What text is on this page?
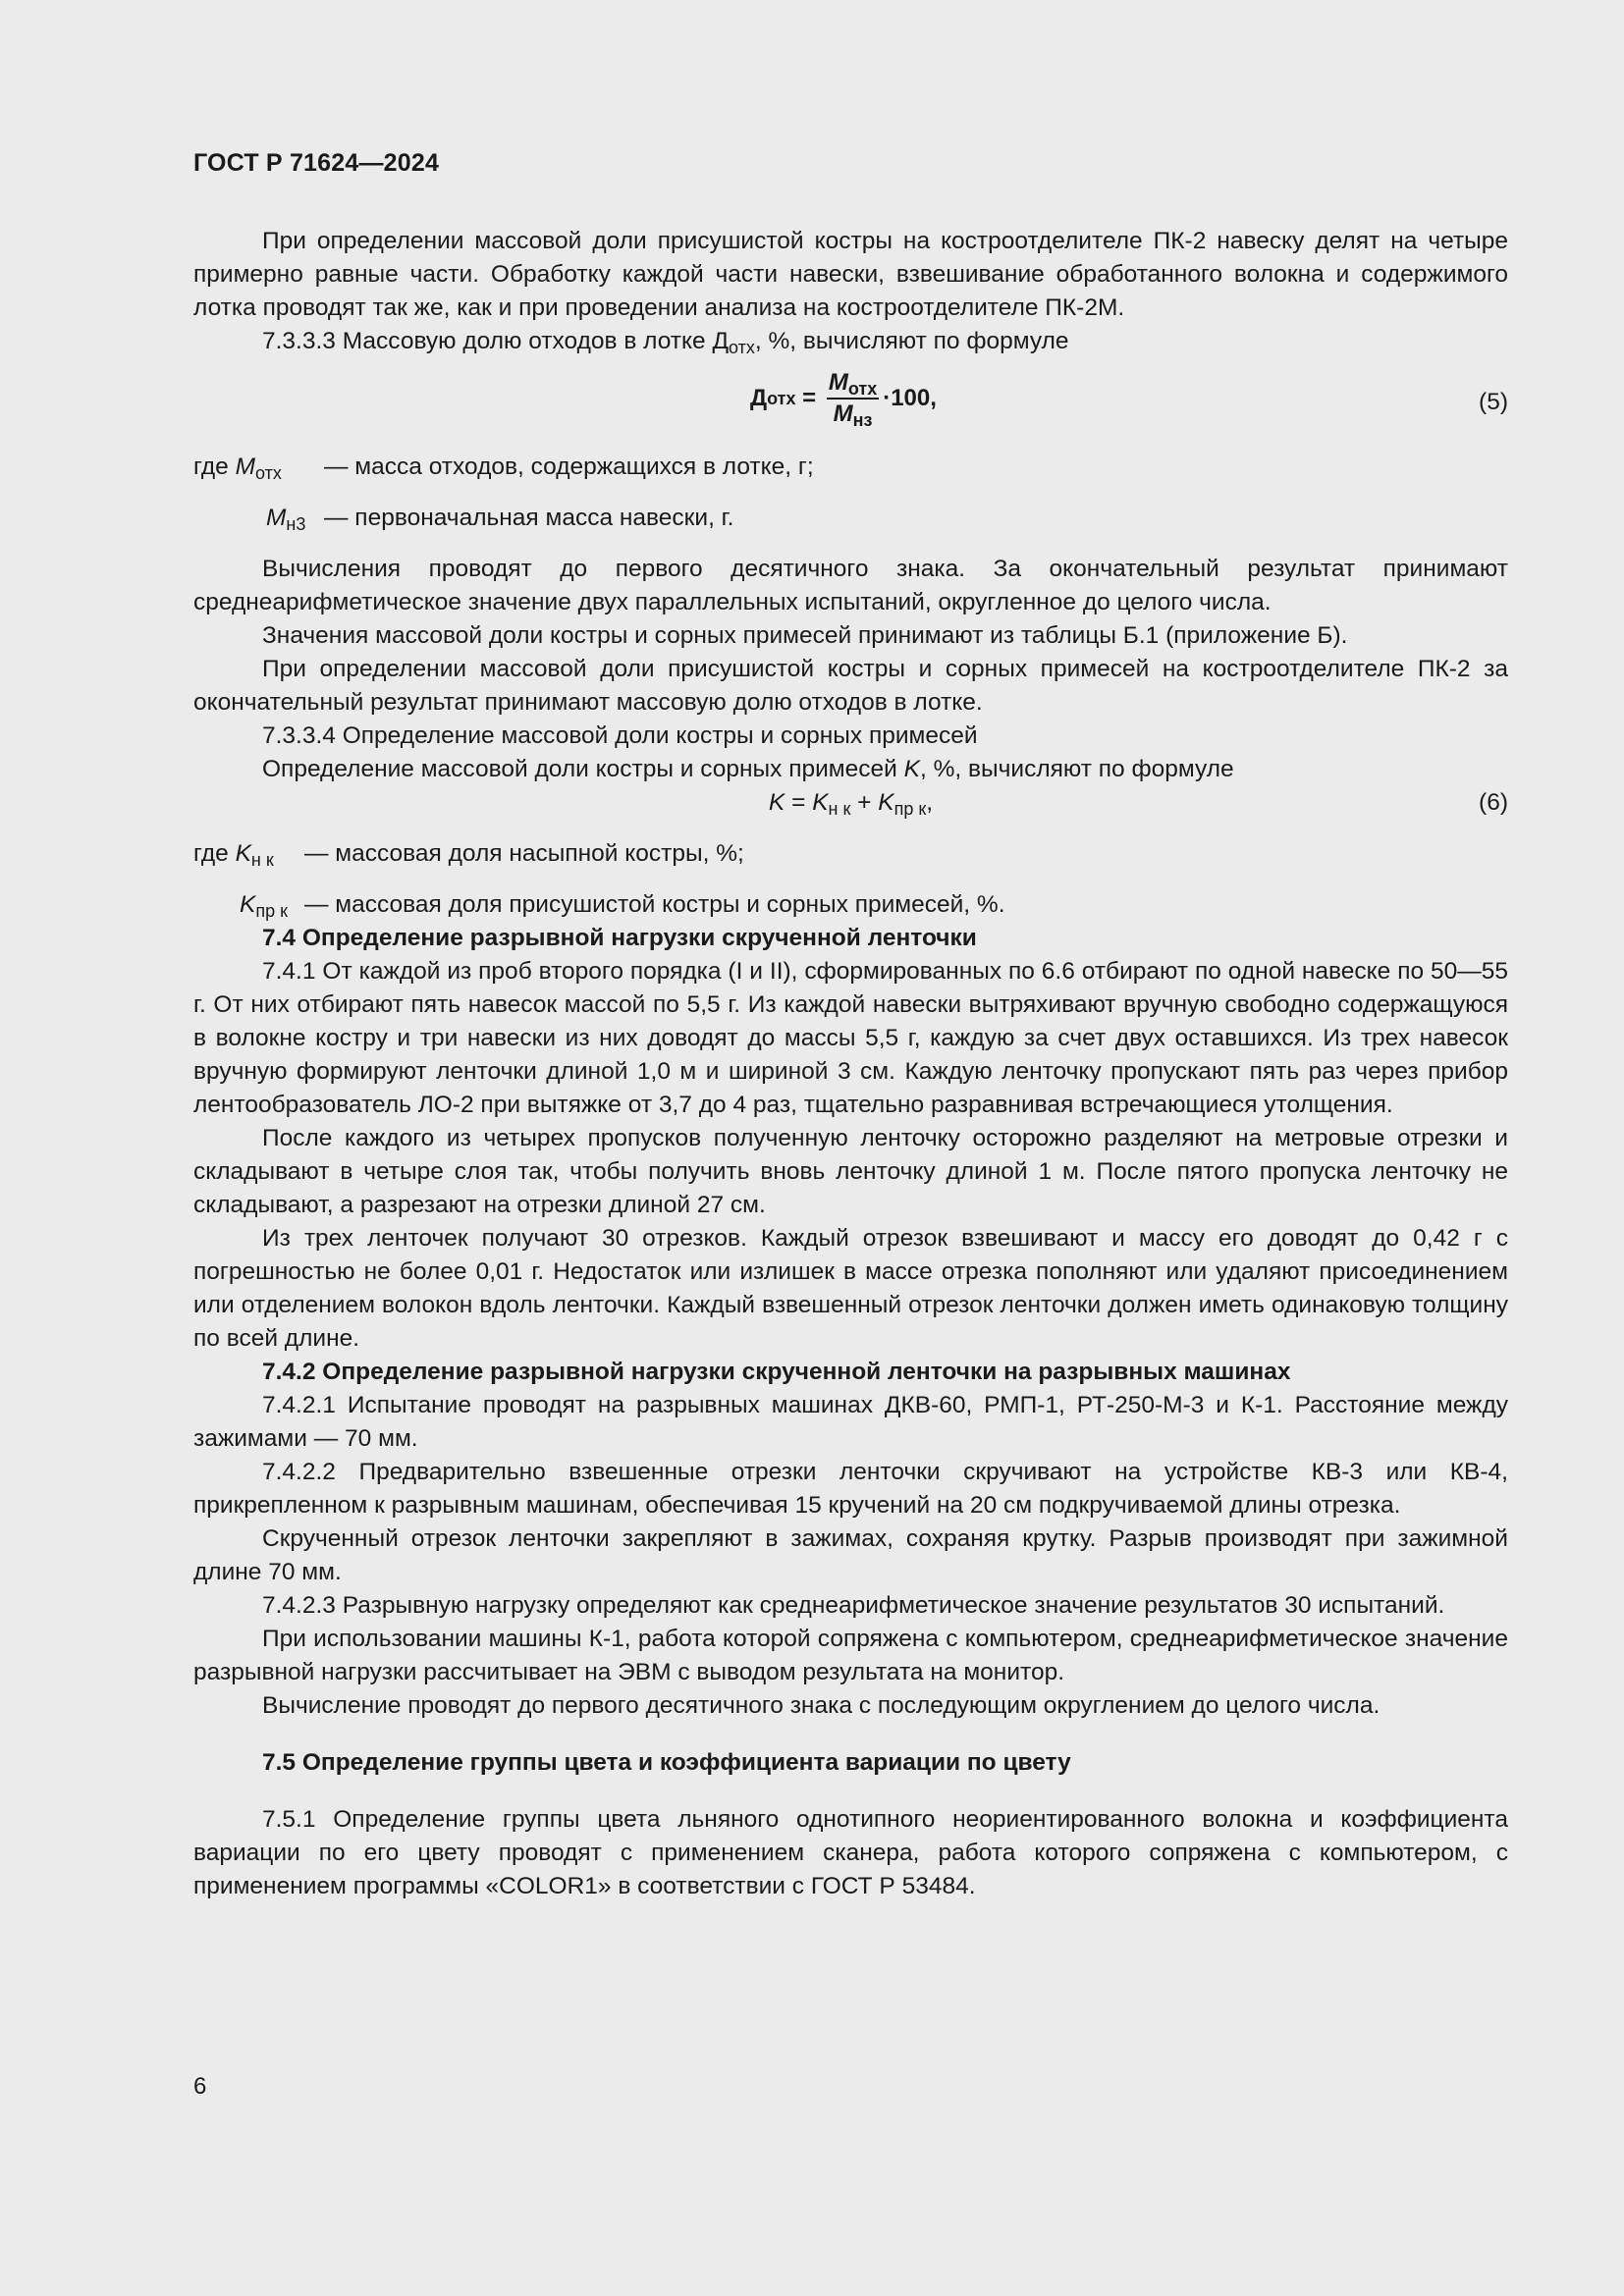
ГОСТ Р 71624—2024

При определении массовой доли присушистой костры на костроотделителе ПК-2 навеску делят на четыре примерно равные части. Обработку каждой части навески, взвешивание обработанного волокна и содержимого лотка проводят так же, как и при проведении анализа на костроотделителе ПК-2М.

7.3.3.3 Массовую долю отходов в лотке $Д_{отх}$, %, вычисляют по формуле

Д отх = $\frac{M_{отх}}{M_{нз}} \cdot 100$,	(5)
где $M_{отх}$ — масса отходов, содержащихся в лотке, г;
$M_{н3}$ — первоначальная масса навески, г.

Вычисления проводят до первого десятичного знака. За окончательный результат принимают среднеарифметическое значение двух параллельных испытаний, округленное до целого числа.

Значения массовой доли костры и сорных примесей принимают из таблицы Б.1 (приложение Б).

При определении массовой доли присушистой костры и сорных примесей на костроотделителе ПК-2 за окончательный результат принимают массовую долю отходов в лотке.

7.3.3.4 Определение массовой доли костры и сорных примесей

Определение массовой доли костры и сорных примесей K, %, вычисляют по формуле

$K = K_{н к} + K_{пр к}$,	(6)
где $K_{н к}$ — массовая доля насыпной костры, %;
$K_{пр к}$ — массовая доля присушистой костры и сорных примесей, %.

7.4 Определение разрывной нагрузки скрученной ленточки

7.4.1 От каждой из проб второго порядка (I и II), сформированных по 6.6 отбирают по одной навеске по 50—55 г. От них отбирают пять навесок массой по 5,5 г. Из каждой навески вытряхивают вручную свободно содержащуюся в волокне костру и три навески из них доводят до массы 5,5 г, каждую за счет двух оставшихся. Из трех навесок вручную формируют ленточки длиной 1,0 м и шириной 3 см. Каждую ленточку пропускают пять раз через прибор лентообразователь ЛО-2 при вытяжке от 3,7 до 4 раз, тщательно разравнивая встречающиеся утолщения.

После каждого из четырех пропусков полученную ленточку осторожно разделяют на метровые отрезки и складывают в четыре слоя так, чтобы получить вновь ленточку длиной 1 м. После пятого пропуска ленточку не складывают, а разрезают на отрезки длиной 27 см.

Из трех ленточек получают 30 отрезков. Каждый отрезок взвешивают и массу его доводят до 0,42 г с погрешностью не более 0,01 г. Недостаток или излишек в массе отрезка пополняют или удаляют присоединением или отделением волокон вдоль ленточки. Каждый взвешенный отрезок ленточки должен иметь одинаковую толщину по всей длине.

7.4.2 Определение разрывной нагрузки скрученной ленточки на разрывных машинах

7.4.2.1 Испытание проводят на разрывных машинах ДКВ-60, РМП-1, РТ-250-М-3 и К-1. Расстояние между зажимами — 70 мм.

7.4.2.2 Предварительно взвешенные отрезки ленточки скручивают на устройстве КВ-3 или КВ-4, прикрепленном к разрывным машинам, обеспечивая 15 кручений на 20 см подкручиваемой длины отрезка.

Скрученный отрезок ленточки закрепляют в зажимах, сохраняя крутку. Разрыв производят при зажимной длине 70 мм.

7.4.2.3 Разрывную нагрузку определяют как среднеарифметическое значение результатов 30 испытаний.

При использовании машины К-1, работа которой сопряжена с компьютером, среднеарифметическое значение разрывной нагрузки рассчитывает на ЭВМ с выводом результата на монитор.

Вычисление проводят до первого десятичного знака с последующим округлением до целого числа.

7.5 Определение группы цвета и коэффициента вариации по цвету

7.5.1 Определение группы цвета льняного однотипного неориентированного волокна и коэффициента вариации по его цвету проводят с применением сканера, работа которого сопряжена с компьютером, с применением программы «COLOR1» в соответствии с ГОСТ Р 53484.

6
